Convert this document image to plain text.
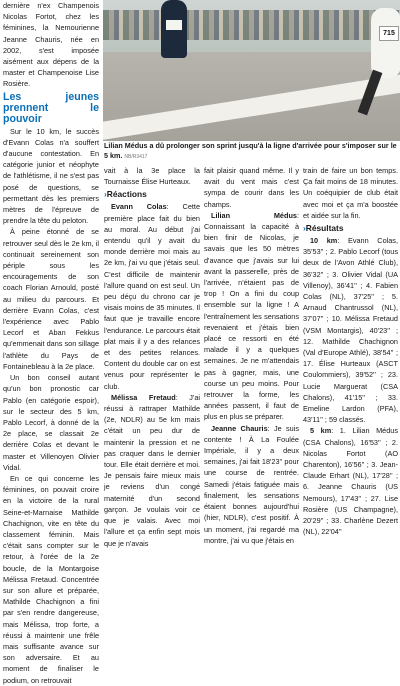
dernière n'ex Champenois Nicolas Fortot, chez les féminines, la Nemourienne Jeanne Chauris, née en 2002, s'est imposée aisément aux dépens de la master et Champenoise Lise Rosière.

Les jeunes prennent le pouvoir

Sur le 10 km, le succès d'Evann Colas n'a souffert d'aucune contestation. En catégorie junior et néophyte de l'athlétisme, il ne s'est pas posé de questions, se permettant dès les premiers mètres de l'épreuve de prendre la tête du peloton.

À peine étonné de se retrouver seul dès le 2e km, il continuait sereinement son périple sous les encouragements de son coach Florian Arnould, posté au milieu du parcours. Et derrière Evann Colas, c'est l'expérience avec Pablo Lecorf et Aban Fekkus qu'emmenait dans son sillage l'athlète du Pays de Fontainebleau à la 2e place.

Un bon conseil autant qu'un bon pronostic car Pablo (en catégorie espoir), sur le secteur des 5 km, Pablo Lecorf, à donné de la 2e place, se classait 2e derrière Colas et devant le master et Villenoyen Olivier Vidal.

En ce qui concerne les féminines, on pouvait croire en la victoire de la rural Seine-et-Marnaise Mathilde Chachignon, vite en tête du classement féminin. Mais c'était sans compter sur le retour, à l'orée de la 2e boucle, de la Montargoise Mélissa Fretaud. Concentrée sur son allure et préparée, Mathilde Chachignon a fini par s'en rendre dangereuse, mais Mélissa, trop forte, a réussi à maintenir une frêle mais suffisante avance sur son adversaire. Et au moment de finaliser le podium, on retrouvait

715
Lilian Médus a dû prolonger son sprint jusqu'à la ligne d'arrivée pour s'imposer sur le 5 km. NB/R3417

vait à la 3e place la Tournaisse Élise Hurteaux.

›Réactions

Evann Colas: Cette première place fait du bien au moral. Au début j'ai entendu qu'il y avait du monde derrière moi mais au 2e km, j'ai vu que j'étais seul. C'est difficile de maintenir l'allure quand on est seul. Un peu déçu du chrono car je visais moins de 35 minutes. Il faut que je travaille encore l'endurance. Le parcours était plat mais il y a des relances et des petites relances. Content du double car on est venus pour représenter le club.

Mélissa Fretaud: J'ai réussi à rattraper Mathilde (2e, NDLR) au 5e km mais c'était un peu dur de maintenir la pression et ne pas craquer dans le dernier tour. Elle était derrière et moi. Je pensais faire mieux mais je reviens d'un congé maternité d'un second garçon. Je voulais voir ce que je valais. Avec moi l'allure et ça enfin sept mois que je n'avais

fait plaisir quand même. Il y avait du vent mais c'est sympa de courir dans les champs.

Lilian Médus: Connaissant la capacité à bien finir de Nicolas, je savais que les 50 mètres d'avance que j'avais sur lui avant la passerelle, près de l'arrivée, n'étaient pas de trop ! On a fini du coup ensemble sur la ligne ! A l'entraînement les sensations revenaient et j'étais bien placé ce ressorti en été malade il y a quelques semaines. Je ne m'attendais pas à gagner, mais, une course un peu moins. Pour retrouver la forme, les années passent, il faut de plus en plus se préparer.

Jeanne Chauris: Je suis contente ! À La Foulée Impériale, il y a deux semaines, j'ai fait 18'23'' pour une course de rentrée. Samedi j'étais fatiguée mais finalement, les sensations étaient bonnes aujourd'hui (hier, NDLR), c'est positif. À un moment, j'ai regardé ma montre, j'ai vu que j'étais en

train de faire un bon temps. Ça fait moins de 18 minutes. Un coéquipier de club était avec moi et ça m'a boostée et aidée sur la fin.

›Résultats

10 km: Evann Colas, 35'53'' ; 2. Pablo Lecorf (tous deux de l'Avon Athlé Club), 36'32'' ; 3. Olivier Vidal (UA Villenoy), 36'41'' ; 4. Fabien Colas (NL), 37'25'' ; 5. Arnaud Chantrussol (NL), 37'07'' ; 10. Mélissa Fretaud (VSM Montargis), 40'23'' ; 12. Mathilde Chachignon (Val d'Europe Athlé), 38'54'' ; 17. Élise Hurteaux (ASCT Coulommiers), 39'52'' ; 23. Lucie Marguerat (CSA Chalons), 41'15'' ; 33. Emeline Lardon (PFA), 43'11'' ; 59 classés.

5 km: 1. Lilian Médus (CSA Chalons), 16'53'' ; 2. Nicolas Fortot (AO Charenton), 16'56'' ; 3. Jean-Claude Erhart (NL), 17'28'' ; 6. Jeanne Chauris (US Nemours), 17'43'' ; 27. Lise Rosière (US Champagne), 20'29'' ; 33. Charlène Dezert (NL), 22'04''
